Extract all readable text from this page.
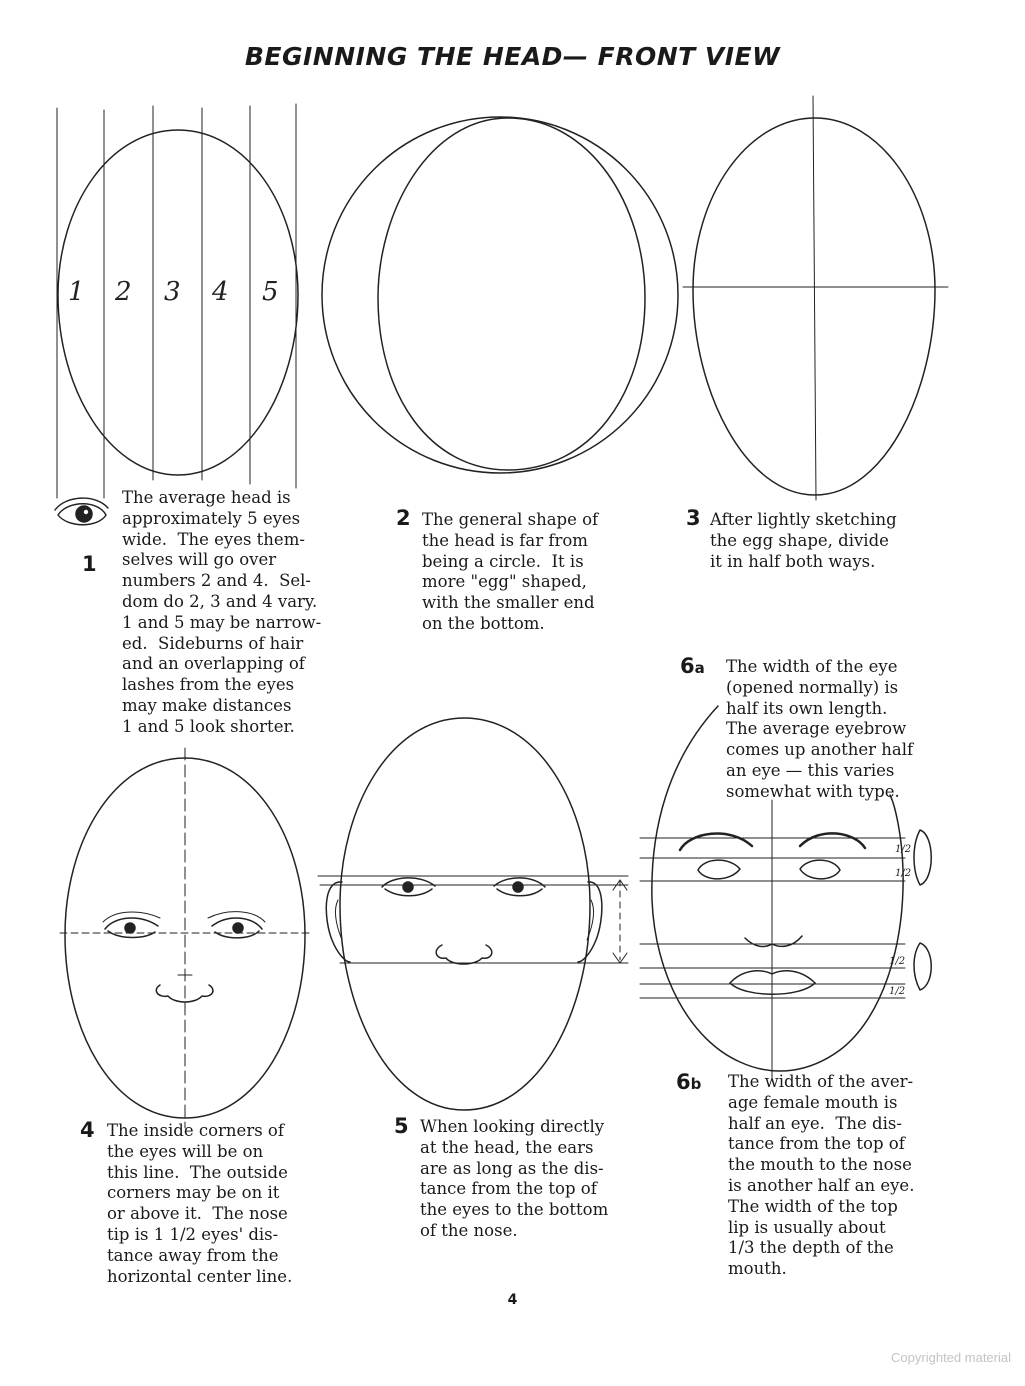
BEGINNING THE HEAD— FRONT VIEW
1 2 3 4 5
1/2
1/2
1/2
1/2
1

The average head is
approximately 5 eyes
wide.  The eyes them-
selves will go over
numbers 2 and 4.  Sel-
dom do 2, 3 and 4 vary.
1 and 5 may be narrow-
ed.  Sideburns of hair
and an overlapping of
lashes from the eyes
may make distances
1 and 5 look shorter.

2 The general shape of
the head is far from
being a circle.  It is
more "egg" shaped,
with the smaller end
on the bottom.

3 After lightly sketching
the egg shape, divide
it in half both ways.

6a The width of the eye
(opened normally) is
half its own length.
The average eyebrow
comes up another half
an eye — this varies
somewhat with type.

4 The inside corners of
the eyes will be on
this line.  The outside
corners may be on it
or above it.  The nose
tip is 1 1/2 eyes' dis-
tance away from the
horizontal center line.

5 When looking directly
at the head, the ears
are as long as the dis-
tance from the top of
the eyes to the bottom
of the nose.

6b The width of the aver-
age female mouth is
half an eye.  The dis-
tance from the top of
the mouth to the nose
is another half an eye.
The width of the top
lip is usually about
1/3 the depth of the
mouth.

4
Copyrighted material
